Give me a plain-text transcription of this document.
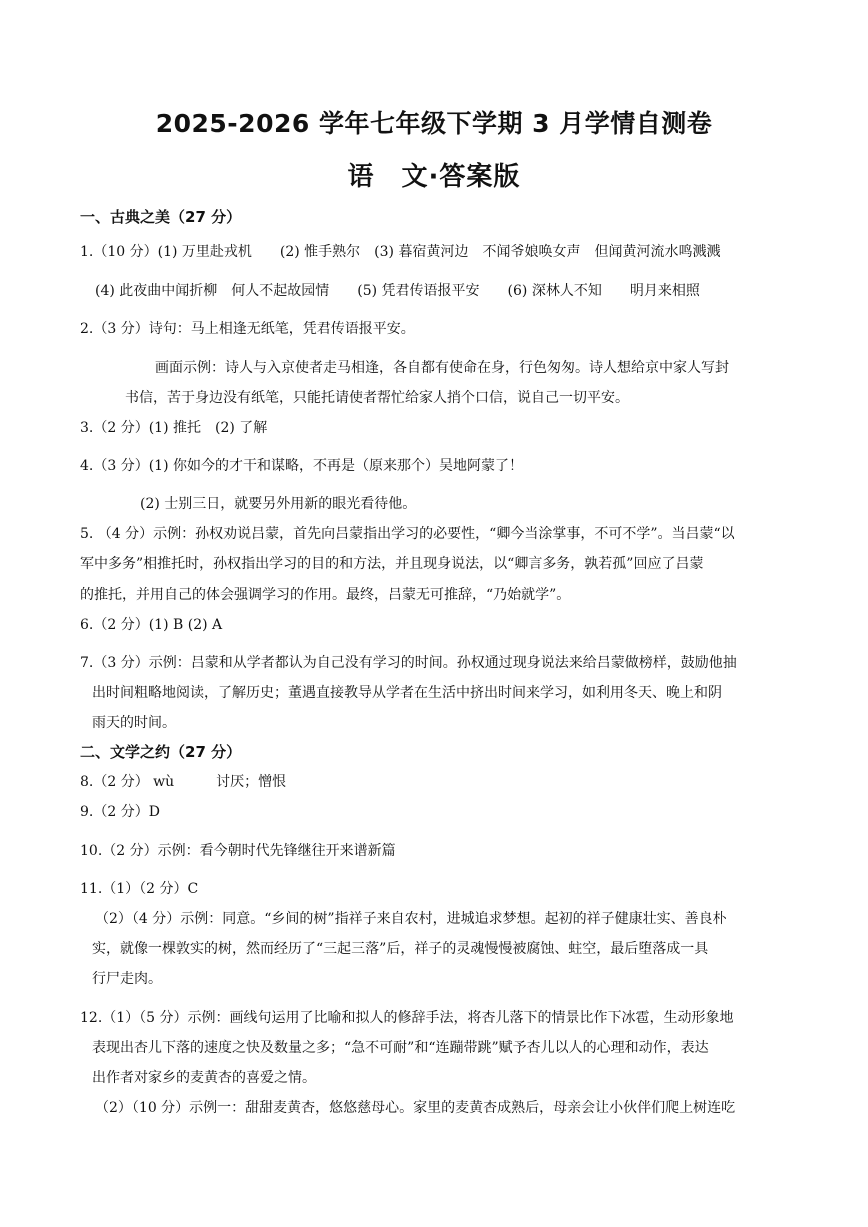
2025-2026 学年七年级下学期 3 月学情自测卷
语　文·答案版
一、古典之美（27 分）
1.（10 分）(1) 万里赴戎机　　(2) 惟手熟尔　(3) 暮宿黄河边　不闻爷娘唤女声　但闻黄河流水鸣溅溅
(4) 此夜曲中闻折柳　何人不起故园情　　(5) 凭君传语报平安　　(6) 深林人不知　　明月来相照
2.（3 分）诗句：马上相逢无纸笔，凭君传语报平安。
画面示例：诗人与入京使者走马相逢，各自都有使命在身，行色匆匆。诗人想给京中家人写封
书信，苦于身边没有纸笔，只能托请使者帮忙给家人捎个口信，说自己一切平安。
3.（2 分）(1) 推托　(2) 了解
4.（3 分）(1) 你如今的才干和谋略，不再是（原来那个）吴地阿蒙了！
(2) 士别三日，就要另外用新的眼光看待他。
5. （4 分）示例：孙权劝说吕蒙，首先向吕蒙指出学习的必要性，“卿今当涂掌事，不可不学”。当吕蒙“以
军中多务”相推托时，孙权指出学习的目的和方法，并且现身说法，以“卿言多务，孰若孤”回应了吕蒙
的推托，并用自己的体会强调学习的作用。最终，吕蒙无可推辞，“乃始就学”。
6.（2 分）(1) B (2) A
7.（3 分）示例：吕蒙和从学者都认为自己没有学习的时间。孙权通过现身说法来给吕蒙做榜样，鼓励他抽
出时间粗略地阅读，了解历史；董遇直接教导从学者在生活中挤出时间来学习，如利用冬天、晚上和阴
雨天的时间。
二、文学之约（27 分）
8.（2 分） wù　　　讨厌；憎恨
9.（2 分）D
10.（2 分）示例：看今朝时代先锋继往开来谱新篇
11.（1）（2 分）C
（2）（4 分）示例：同意。“乡间的树”指祥子来自农村，进城追求梦想。起初的祥子健康壮实、善良朴
实，就像一棵敦实的树，然而经历了“三起三落”后，祥子的灵魂慢慢被腐蚀、蛀空，最后堕落成一具
行尸走肉。
12.（1）（5 分）示例：画线句运用了比喻和拟人的修辞手法，将杏儿落下的情景比作下冰雹，生动形象地
表现出杏儿下落的速度之快及数量之多；“急不可耐”和“连蹦带跳”赋予杏儿以人的心理和动作，表达
出作者对家乡的麦黄杏的喜爱之情。
（2）（10 分）示例一：甜甜麦黄杏，悠悠慈母心。家里的麦黄杏成熟后，母亲会让小伙伴们爬上树连吃
